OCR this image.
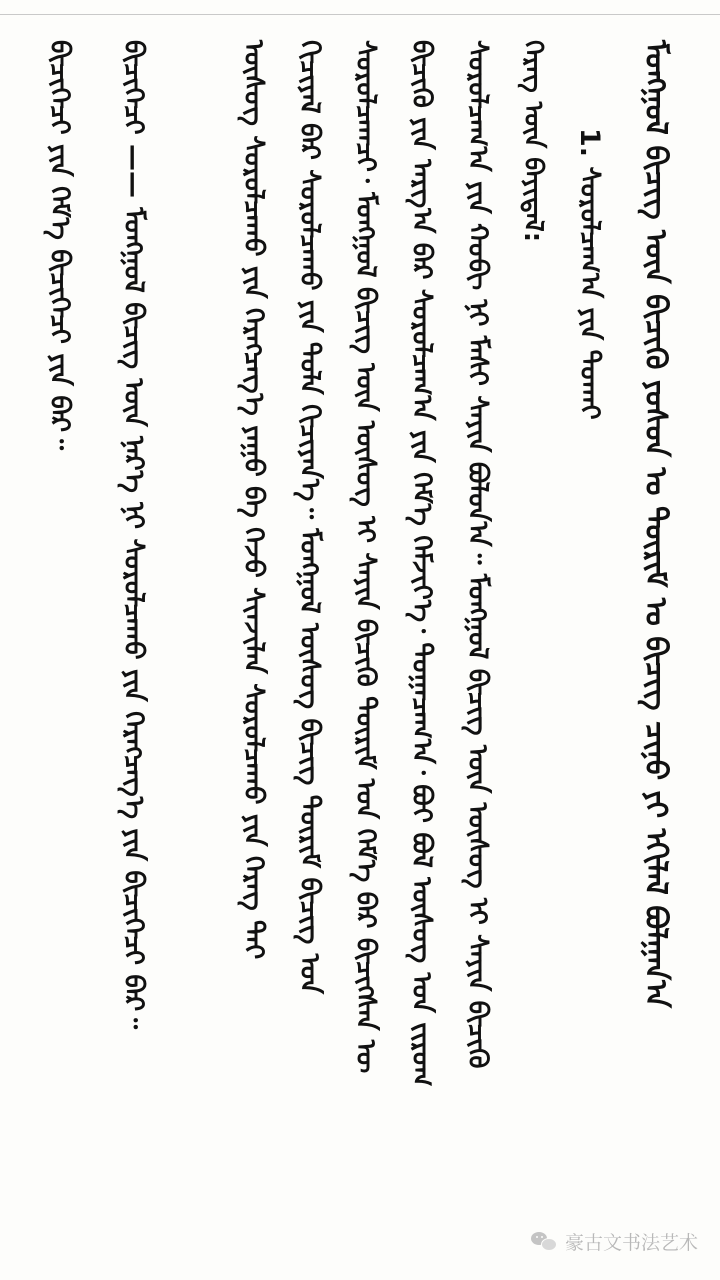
ᠮᠣᠩᠭᠣᠯ ᠪᠢᠴᠢᠭ ᠦᠨ ᠪᠢᠴᠢᠬᠦ ᠶᠣᠰᠣᠨ ᠤ ᠳᠦᠷᠢᠮ ᠤ ᠪᠢᠴᠢᠭ ᠴᠢᠨᠤ ᠶᠢ ᠡᠬᠢᠯᠡᠯ ᠪᠤᠯᠭᠠᠨ᠎ᠠ
1. ᠰᠤᠷᠤᠯᠴᠠᠭ᠎ᠠ ᠶᠢᠨ ᠲᠤᠬᠠᠢ
ᠬᠡᠷᠡᠭ ᠦᠨ ᠪᠠᠶᠢᠳᠠᠯ:
ᠰᠤᠷᠤᠯᠴᠠᠭ᠎ᠠ ᠶᠢᠨ ᠬᠤᠪᠢ ᠨᠢ ᠮᠠᠰᠢ ᠰᠠᠶᠢᠨ ᠪᠣᠯᠤᠨ᠎ᠠ᠃ ᠮᠣᠩᠭᠣᠯ ᠪᠢᠴᠢᠭ ᠦᠨ ᠦᠰᠦᠭ ᠢ ᠰᠠᠶᠢᠨ ᠪᠢᠴᠢᠬᠦ
ᠪᠢᠴᠢᠬᠦ ᠶᠢᠨ ᠠᠷᠭ᠎ᠠ ᠪᠠᠷ ᠰᠤᠷᠤᠯᠴᠠᠭ᠎ᠠ ᠶᠢᠨ ᠬᠡᠮ᠎ᠡ ᠬᠡᠮᠵᠢᠶ᠎ᠡ᠂ ᠲᠣᠭᠠᠴᠠᠭ᠎ᠠ᠂ ᠪᠤᠶ ᠪᠣᠯ ᠦᠰᠦᠭ ᠤᠨ ᠵᠢᠷᠤᠭ
ᠰᠤᠷᠤᠯᠴᠠᠭᠴᠢ᠂ ᠮᠣᠩᠭᠣᠯ ᠪᠢᠴᠢᠭ ᠦᠨ ᠦᠰᠦᠭ ᠢ ᠰᠠᠶᠢᠨ ᠪᠢᠴᠢᠬᠦ ᠳᠦᠷᠢᠮ ᠤᠨ ᠬᠡᠮ᠎ᠡ ᠪᠡᠷ ᠪᠢᠴᠢᠭᠰᠡᠨ ᠦ
ᠬᠢᠴᠢᠶᠡᠯ ᠪᠠᠷ ᠰᠤᠷᠤᠯᠴᠠᠬᠤ ᠶᠢᠨ ᠲᠤᠯᠠ ᠬᠢᠴᠢᠶᠡᠨ᠎ᠡ᠃ ᠮᠣᠩᠭᠣᠯ ᠦᠰᠦᠭ ᠪᠢᠴᠢᠭ ᠳᠦᠷᠢᠮ ᠪᠢᠴᠢᠭ ᠤᠨ
ᠦᠰᠦᠭ ᠰᠤᠷᠤᠯᠴᠠᠬᠤ ᠶᠢᠨ ᠬᠡᠷᠡᠭᠴᠡᠭ᠎ᠡ ᠶᠠᠭᠤ ᠪᠡ ᠭᠡᠵᠦ ᠰᠢᠨᠵᠢᠯᠡᠨ ᠰᠤᠷᠤᠯᠴᠠᠬᠤ ᠶᠢᠨ ᠬᠡᠷᠡᠭ ᠲᠡᠢ
ᠪᠢᠴᠢᠭᠡᠴᠢ —— ᠮᠣᠩᠭᠣᠯ ᠪᠢᠴᠢᠭ ᠦᠨ ᠨᠡᠷ᠎ᠡ ᠨᠢ ᠰᠤᠷᠤᠯᠴᠠᠬᠤ ᠶᠢᠨ ᠬᠡᠷᠡᠭᠴᠡᠭ᠎ᠡ ᠶᠢᠨ ᠪᠢᠴᠢᠭᠡᠴᠢ ᠪᠡᠷ᠃
ᠪᠢᠴᠢᠭᠡᠴᠢ ᠶᠢᠨ ᠬᠡᠮ᠎ᠡ ᠪᠢᠴᠢᠭᠡᠴᠢ ᠶᠢᠨ ᠪᠠᠷ᠃
豪古文书法艺术
